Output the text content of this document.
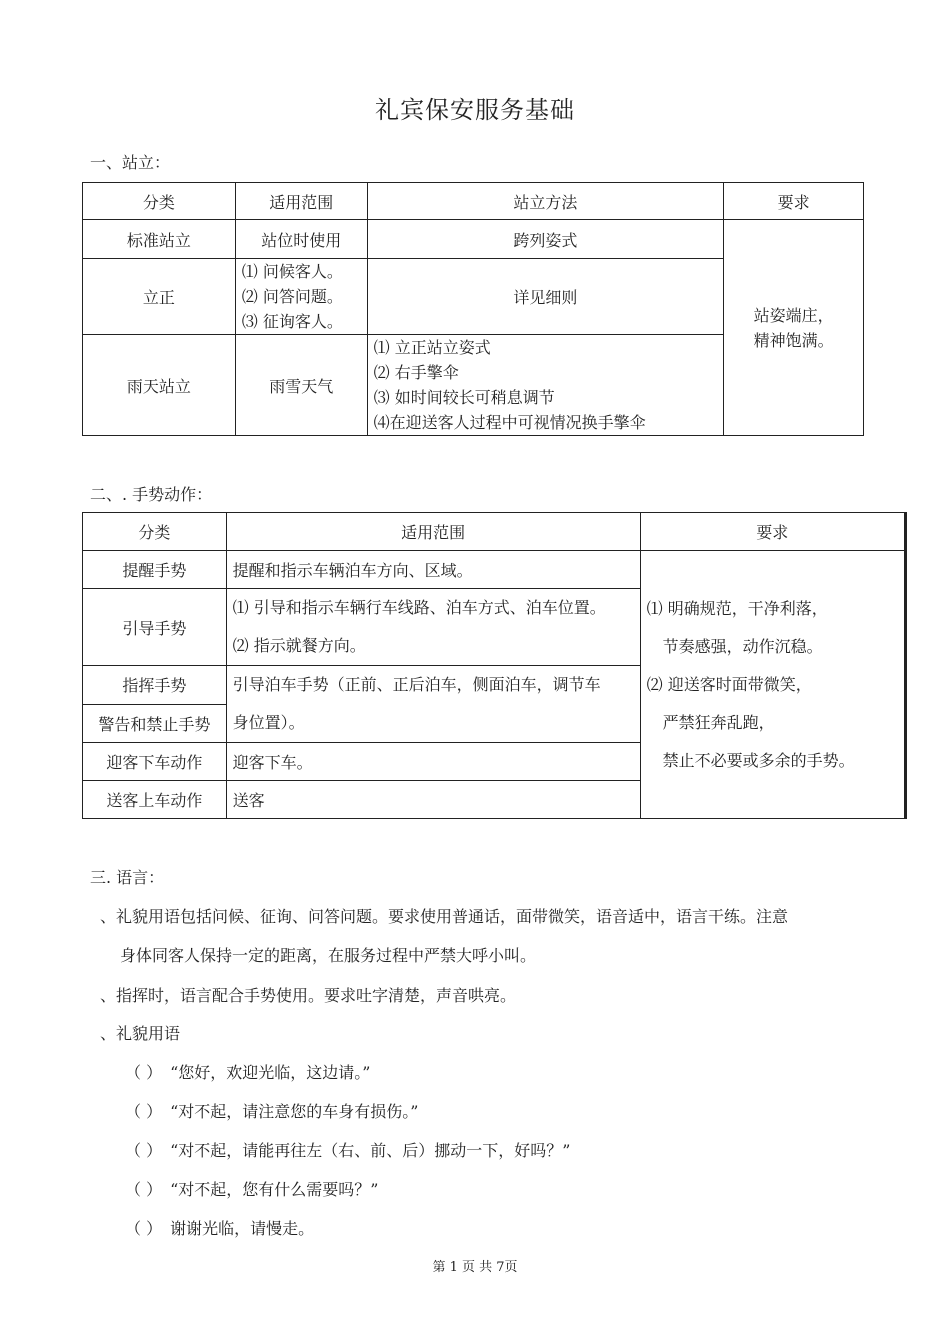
礼宾保安服务基础
一、站立：
分类	适用范围	站立方法	要求
标准站立	站位时使用	跨列姿式	站姿端庄，
精神饱满。

立正	⑴ 问候客人。
⑵ 问答问题。
⑶ 征询客人。	详见细则	
雨天站立	雨雪天气	⑴ 立正站立姿式
⑵ 右手擎伞
⑶ 如时间较长可稍息调节
⑷在迎送客人过程中可视情况换手擎伞	
二、. 手势动作：
分类	适用范围	要求
提醒手势	提醒和指示车辆泊车方向、区域。	⑴ 明确规范，干净利落，
　节奏感强，动作沉稳。
⑵ 迎送客时面带微笑，
　严禁狂奔乱跑，
　禁止不必要或多余的手势。

引导手势	⑴ 引导和指示车辆行车线路、泊车方式、泊车位置。
⑵ 指示就餐方向。	

指挥手势	引导泊车手势（正前、正后泊车，侧面泊车，调节车
身位置）。	

警告和禁止手势		
迎客下车动作	迎客下车。	
送客上车动作	送客	
三. 语言：
、礼貌用语包括问候、征询、问答问题。要求使用普通话，面带微笑，语音适中，语言干练。注意
身体同客人保持一定的距离，在服务过程中严禁大呼小叫。
、指挥时，语言配合手势使用。要求吐字清楚，声音哄亮。
、礼貌用语
（ ）　“您好，欢迎光临，这边请。”
（ ）　“对不起，请注意您的车身有损伤。”
（ ）　“对不起，请能再往左（右、前、后）挪动一下，好吗？”
（ ）　“对不起，您有什么需要吗？”
（ ）　谢谢光临，请慢走。
第 1 页 共 7页
